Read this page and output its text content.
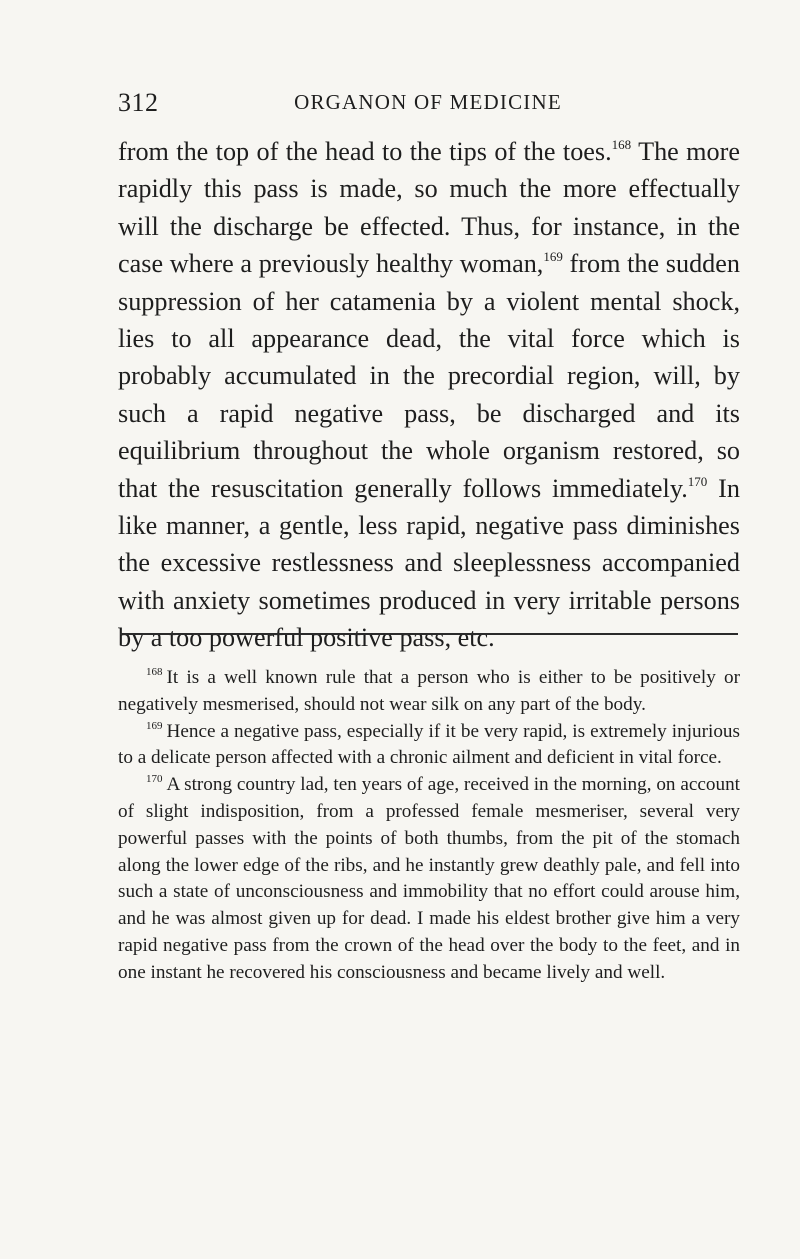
312	ORGANON OF MEDICINE

from the top of the head to the tips of the toes.$^{168}$ The more rapidly this pass is made, so much the more effectually will the discharge be effected. Thus, for instance, in the case where a previously healthy woman,$^{169}$ from the sudden suppression of her catamenia by a violent mental shock, lies to all appearance dead, the vital force which is probably accumulated in the precordial region, will, by such a rapid negative pass, be discharged and its equilibrium throughout the whole organism restored, so that the resuscitation generally follows immediately.$^{170}$ In like manner, a gentle, less rapid, negative pass diminishes the excessive restlessness and sleeplessness accompanied with anxiety sometimes produced in very irritable persons by a too powerful positive pass, etc.

$^{168}$ It is a well known rule that a person who is either to be positively or negatively mesmerised, should not wear silk on any part of the body.

$^{169}$ Hence a negative pass, especially if it be very rapid, is extremely injurious to a delicate person affected with a chronic ailment and deficient in vital force.

$^{170}$ A strong country lad, ten years of age, received in the morning, on account of slight indisposition, from a professed female mesmeriser, several very powerful passes with the points of both thumbs, from the pit of the stomach along the lower edge of the ribs, and he instantly grew deathly pale, and fell into such a state of unconsciousness and immobility that no effort could arouse him, and he was almost given up for dead. I made his eldest brother give him a very rapid negative pass from the crown of the head over the body to the feet, and in one instant he recovered his consciousness and became lively and well.
